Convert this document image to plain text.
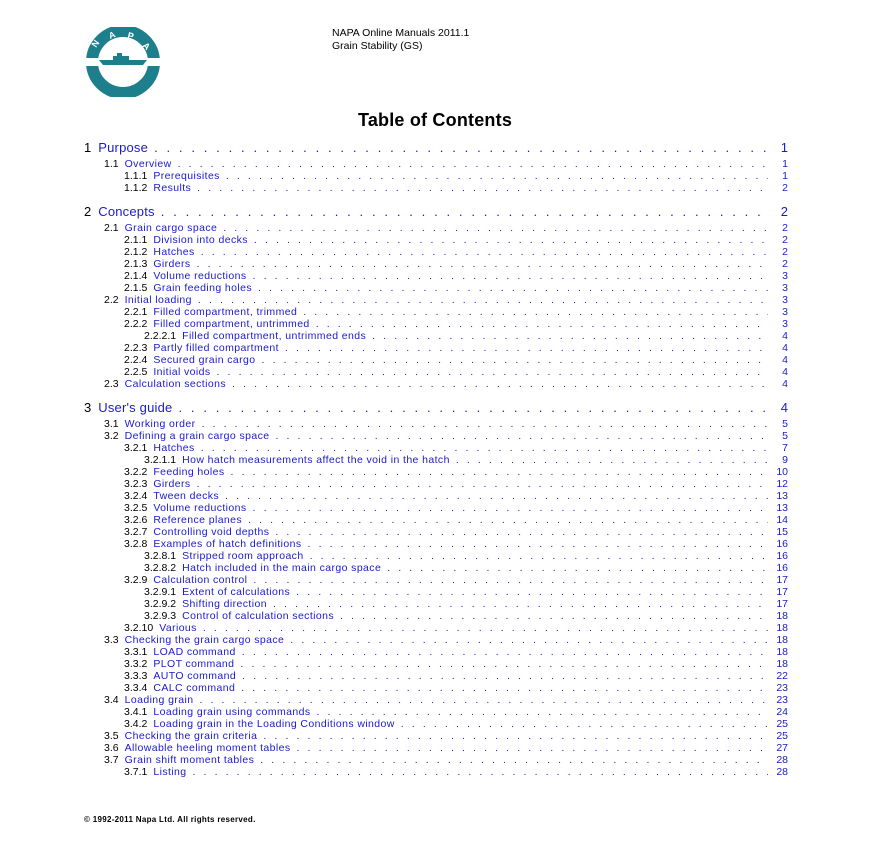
N
A P
A
NAPA Online Manuals 2011.1
Grain Stability (GS)
Table of Contents
1 Purpose . . .	1
1.1 Overview . . .	1
1.1.1 Prerequisites . . .	1
1.1.2 Results . . .	2
2 Concepts . . .	2
2.1 Grain cargo space . . .	2
2.1.1 Division into decks . . .	2
2.1.2 Hatches . . .	2
2.1.3 Girders . . .	2
2.1.4 Volume reductions . . .	3
2.1.5 Grain feeding holes . . .	3
2.2 Initial loading . . .	3
2.2.1 Filled compartment, trimmed . . .	3
2.2.2 Filled compartment, untrimmed . . .	3
2.2.2.1 Filled compartment, untrimmed ends . . .	4
2.2.3 Partly filled compartment . . .	4
2.2.4 Secured grain cargo . . .	4
2.2.5 Initial voids . . .	4
2.3 Calculation sections . . .	4
3 User's guide . . .	4
3.1 Working order . . .	5
3.2 Defining a grain cargo space . . .	5
3.2.1 Hatches . . .	7
3.2.1.1 How hatch measurements affect the void in the hatch . . .	9
3.2.2 Feeding holes . . .	10
3.2.3 Girders . . .	12
3.2.4 Tween decks . . .	13
3.2.5 Volume reductions . . .	13
3.2.6 Reference planes . . .	14
3.2.7 Controlling void depths . . .	15
3.2.8 Examples of hatch definitions . . .	16
3.2.8.1 Stripped room approach . . .	16
3.2.8.2 Hatch included in the main cargo space . . .	16
3.2.9 Calculation control . . .	17
3.2.9.1 Extent of calculations . . .	17
3.2.9.2 Shifting direction . . .	17
3.2.9.3 Control of calculation sections . . .	18
3.2.10 Various . . .	18
3.3 Checking the grain cargo space . . .	18
3.3.1 LOAD command . . .	18
3.3.2 PLOT command . . .	18
3.3.3 AUTO command . . .	22
3.3.4 CALC command . . .	23
3.4 Loading grain . . .	23
3.4.1 Loading grain using commands . . .	24
3.4.2 Loading grain in the Loading Conditions window . . .	25
3.5 Checking the grain criteria . . .	25
3.6 Allowable heeling moment tables . . .	27
3.7 Grain shift moment tables . . .	28
3.7.1 Listing . . .	28
© 1992-2011 Napa Ltd. All rights reserved.
